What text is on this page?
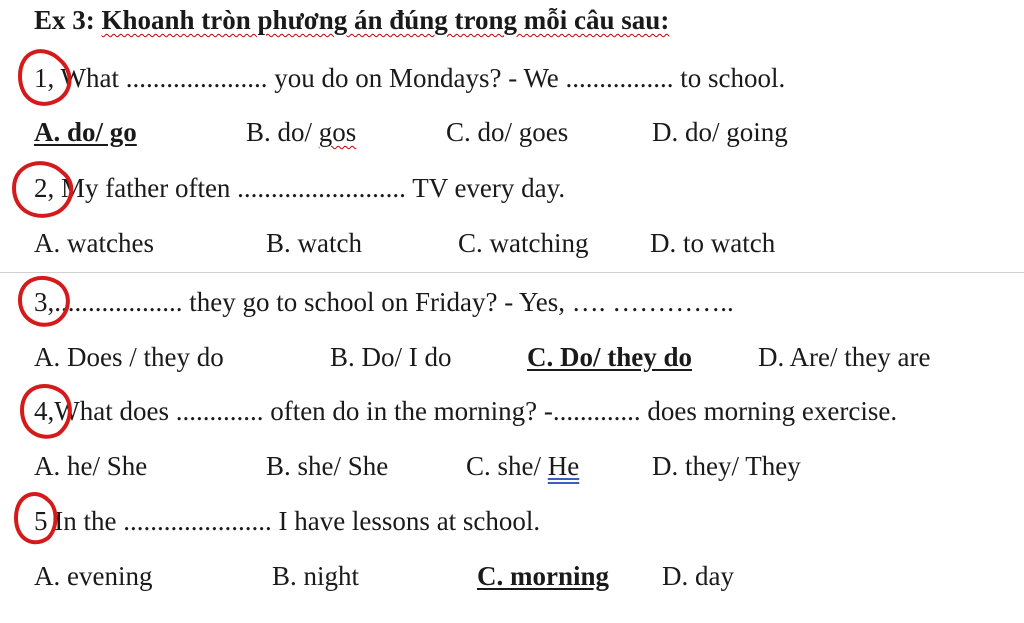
Ex 3: Khoanh tròn phương án đúng trong mỗi câu sau:
1, What ..................... you do on Mondays? - We ................ to school.
A. do/ go	B. do/ gos	C. do/ goes	D. do/ going
2, My father often ......................... TV every day.
A. watches	B. watch	C. watching D. to watch
3,................... they go to school on Friday? - Yes, …. …………..
A. Does / they do	B. Do/ I do	C. Do/ they do D. Are/ they are
4,What does ............. often do in the morning? -............. does morning exercise.
A. he/ She	B. she/ She	C. she/ He	D. they/ They
5 In the ...................... I have lessons at school.
A. evening	B. night	C. morning D. day
